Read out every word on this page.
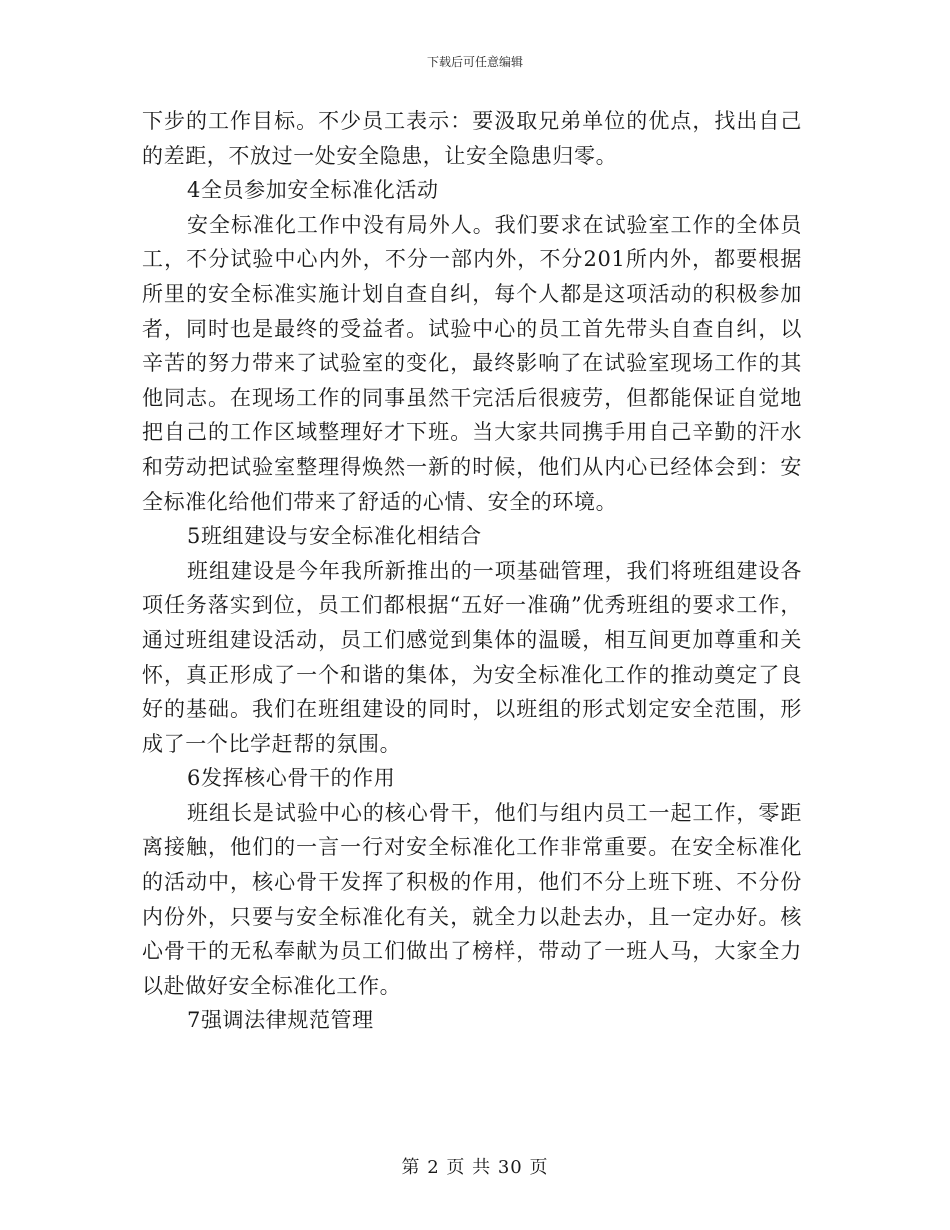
下载后可任意编辑

下步的工作目标。不少员工表示：要汲取兄弟单位的优点，找出自己的差距，不放过一处安全隐患，让安全隐患归零。

4全员参加安全标准化活动

安全标准化工作中没有局外人。我们要求在试验室工作的全体员工，不分试验中心内外，不分一部内外，不分201所内外，都要根据所里的安全标准实施计划自查自纠，每个人都是这项活动的积极参加者，同时也是最终的受益者。试验中心的员工首先带头自查自纠，以辛苦的努力带来了试验室的变化，最终影响了在试验室现场工作的其他同志。在现场工作的同事虽然干完活后很疲劳，但都能保证自觉地把自己的工作区域整理好才下班。当大家共同携手用自己辛勤的汗水和劳动把试验室整理得焕然一新的时候，他们从内心已经体会到：安全标准化给他们带来了舒适的心情、安全的环境。

5班组建设与安全标准化相结合

班组建设是今年我所新推出的一项基础管理，我们将班组建设各项任务落实到位，员工们都根据“五好一准确”优秀班组的要求工作，通过班组建设活动，员工们感觉到集体的温暖，相互间更加尊重和关怀，真正形成了一个和谐的集体，为安全标准化工作的推动奠定了良好的基础。我们在班组建设的同时，以班组的形式划定安全范围，形成了一个比学赶帮的氛围。

6发挥核心骨干的作用

班组长是试验中心的核心骨干，他们与组内员工一起工作，零距离接触，他们的一言一行对安全标准化工作非常重要。在安全标准化的活动中，核心骨干发挥了积极的作用，他们不分上班下班、不分份内份外，只要与安全标准化有关，就全力以赴去办，且一定办好。核心骨干的无私奉献为员工们做出了榜样，带动了一班人马，大家全力以赴做好安全标准化工作。

7强调法律规范管理

第 2 页 共 30 页
